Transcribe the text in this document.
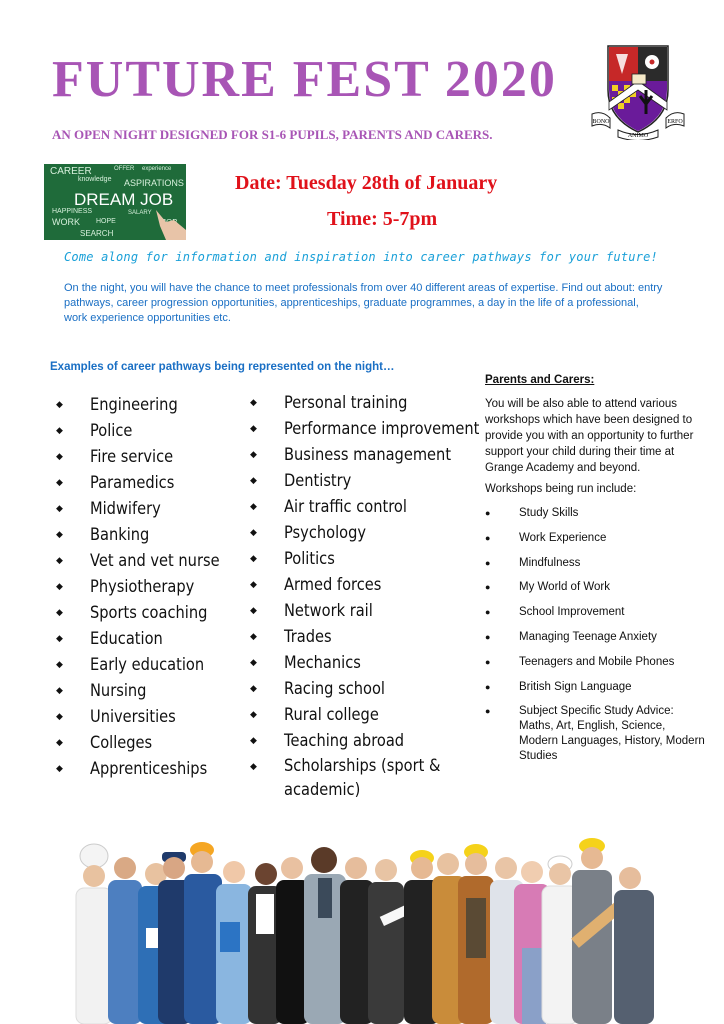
FUTURE FEST 2020
AN OPEN NIGHT DESIGNED FOR S1-6 PUPILS, PARENTS AND CARERS.
BONO	ERFO
ANIMO
CAREER	OFFER experience
knowledge ASPIRATIONS
DREAM JOB
HAPPINESS
WORK HOPE
SEARCH
SALARY
Date: Tuesday 28th of January
Time: 5-7pm
Come along for information and inspiration into career pathways for your future!
On the night, you will have the chance to meet professionals from over 40 different areas of expertise. Find out about: entry pathways, career progression opportunities, apprenticeships, graduate programmes, a day in the life of a professional, work experience opportunities etc.
Examples of career pathways being represented on the night…
◆ Engineering
◆ Police
◆ Fire service
◆ Paramedics
◆ Midwifery
◆ Banking
◆ Vet and vet nurse
◆ Physiotherapy
◆ Sports coaching
◆ Education
◆ Early education
◆ Nursing
◆ Universities
◆ Colleges
◆ Apprenticeships
◆ Personal training
◆ Performance improvement
◆ Business management
◆ Dentistry
◆ Air traffic control
◆ Psychology
◆ Politics
◆ Armed forces
◆ Network rail
◆ Trades
◆ Mechanics
◆ Racing school
◆ Rural college
◆ Teaching abroad
◆ Scholarships (sport & academic)
Parents and Carers:
You will be also able to attend various workshops which have been designed to provide you with an opportunity to further support your child during their time at Grange Academy and beyond.
Workshops being run include:
● Study Skills
● Work Experience
● Mindfulness
● My World of Work
● School Improvement
● Managing Teenage Anxiety
● Teenagers and Mobile Phones
● British Sign Language
● Subject Specific Study Advice: Maths, Art, English, Science, Modern Languages, History, Modern Studies
